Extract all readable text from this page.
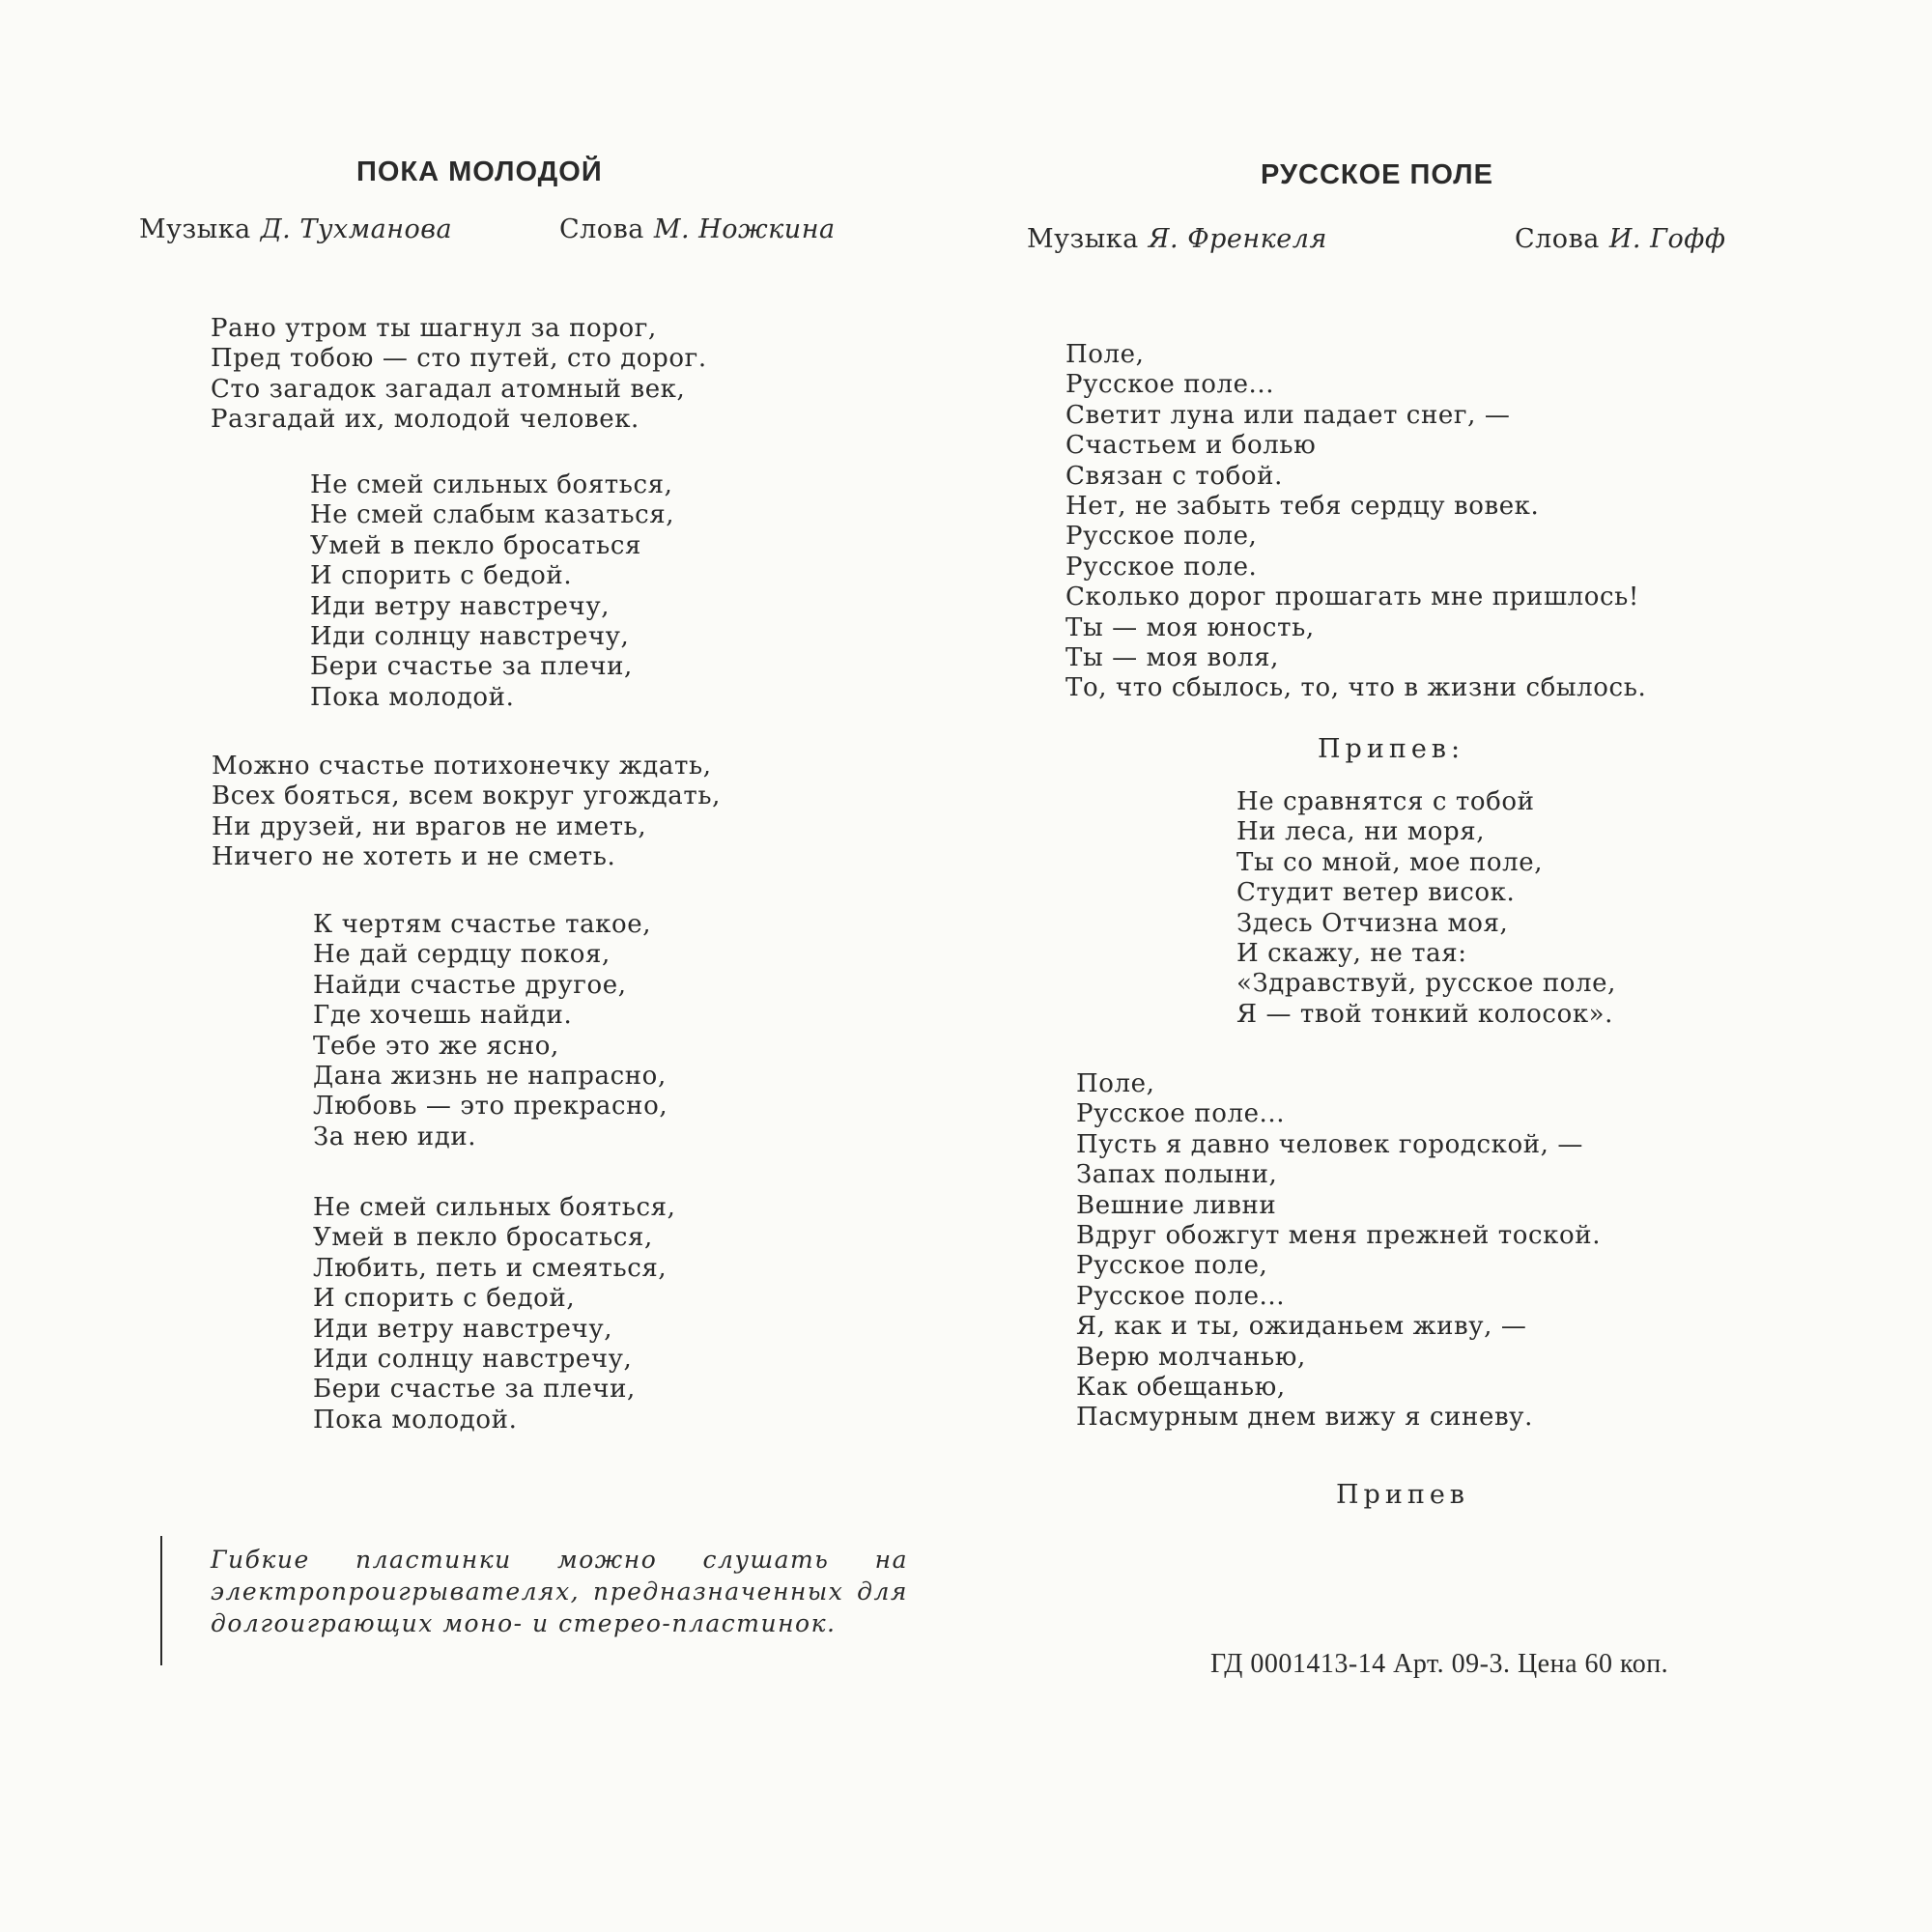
ПОКА МОЛОДОЙ
Музыка Д. Тухманова	Слова М. Ножкина
Рано утром ты шагнул за порог,
Пред тобою — сто путей, сто дорог.
Сто загадок загадал атомный век,
Разгадай их, молодой человек.
Не смей сильных бояться,
Не смей слабым казаться,
Умей в пекло бросаться
И спорить с бедой.
Иди ветру навстречу,
Иди солнцу навстречу,
Бери счастье за плечи,
Пока молодой.
Можно счастье потихонечку ждать,
Всех бояться, всем вокруг угождать,
Ни друзей, ни врагов не иметь,
Ничего не хотеть и не сметь.
К чертям счастье такое,
Не дай сердцу покоя,
Найди счастье другое,
Где хочешь найди.
Тебе это же ясно,
Дана жизнь не напрасно,
Любовь — это прекрасно,
За нею иди.
Не смей сильных бояться,
Умей в пекло бросаться,
Любить, петь и смеяться,
И спорить с бедой,
Иди ветру навстречу,
Иди солнцу навстречу,
Бери счастье за плечи,
Пока молодой.
Гибкие пластинки можно слушать на электропроигрывателях, предназначенных для долгоиграющих моно- и стерео-пластинок.
РУССКОЕ ПОЛЕ
Музыка Я. Френкеля	Слова И. Гофф
Поле,
Русское поле...
Светит луна или падает снег, —
Счастьем и болью
Связан с тобой.
Нет, не забыть тебя сердцу вовек.
Русское поле,
Русское поле.
Сколько дорог прошагать мне пришлось!
Ты — моя юность,
Ты — моя воля,
То, что сбылось, то, что в жизни сбылось.
Припев:
Не сравнятся с тобой
Ни леса, ни моря,
Ты со мной, мое поле,
Студит ветер висок.
Здесь Отчизна моя,
И скажу, не тая:
«Здравствуй, русское поле,
Я — твой тонкий колосок».
Поле,
Русское поле...
Пусть я давно человек городской, —
Запах полыни,
Вешние ливни
Вдруг обожгут меня прежней тоской.
Русское поле,
Русское поле...
Я, как и ты, ожиданьем живу, —
Верю молчанью,
Как обещанью,
Пасмурным днем вижу я синеву.
Припев
ГД 0001413-14 Арт. 09-3. Цена 60 коп.
